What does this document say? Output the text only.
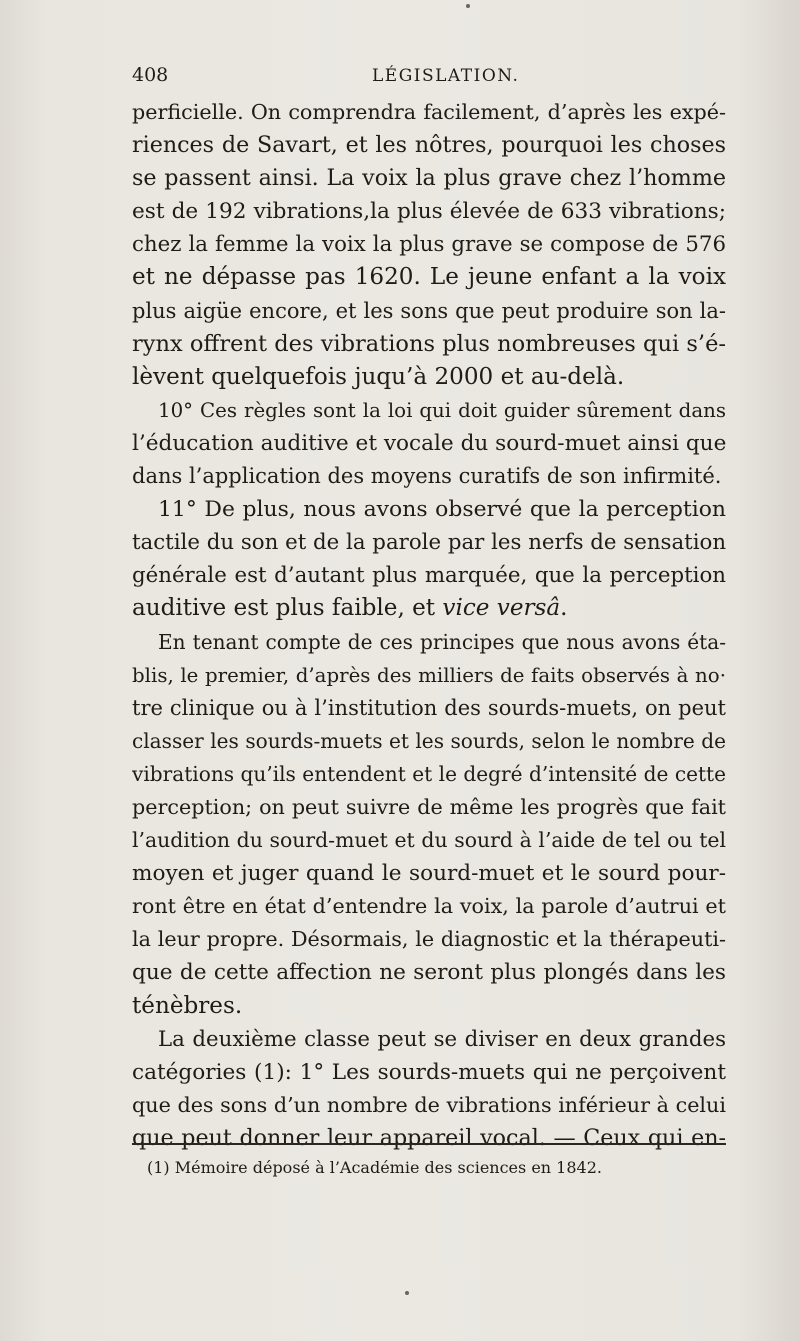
408	LÉGISLATION.
perficielle. On comprendra facilement, d’après les expé-
riences de Savart, et les nôtres, pourquoi les choses
se passent ainsi. La voix la plus grave chez l’homme
est de 192 vibrations,la plus élevée de 633 vibrations;
chez la femme la voix la plus grave se compose de 576
et ne dépasse pas 1620. Le jeune enfant a la voix
plus aigüe encore, et les sons que peut produire son la-
rynx offrent des vibrations plus nombreuses qui s’é-
lèvent quelquefois juqu’à 2000 et au-delà.
10° Ces règles sont la loi qui doit guider sûrement dans
l’éducation auditive et vocale du sourd-muet ainsi que
dans l’application des moyens curatifs de son infirmité.
11° De plus, nous avons observé que la perception
tactile du son et de la parole par les nerfs de sensation
générale est d’autant plus marquée, que la perception
auditive est plus faible, et vice versâ.
En tenant compte de ces principes que nous avons éta-
blis, le premier, d’après des milliers de faits observés à no·
tre clinique ou à l’institution des sourds-muets, on peut
classer les sourds-muets et les sourds, selon le nombre de
vibrations qu’ils entendent et le degré d’intensité de cette
perception; on peut suivre de même les progrès que fait
l’audition du sourd-muet et du sourd à l’aide de tel ou tel
moyen et juger quand le sourd-muet et le sourd pour-
ront être en état d’entendre la voix, la parole d’autrui et
la leur propre. Désormais, le diagnostic et la thérapeuti-
que de cette affection ne seront plus plongés dans les
ténèbres.
La deuxième classe peut se diviser en deux grandes
catégories (1): 1° Les sourds-muets qui ne perçoivent
que des sons d’un nombre de vibrations inférieur à celui
que peut donner leur appareil vocal. — Ceux qui en-
(1) Mémoire déposé à l’Académie des sciences en 1842.
